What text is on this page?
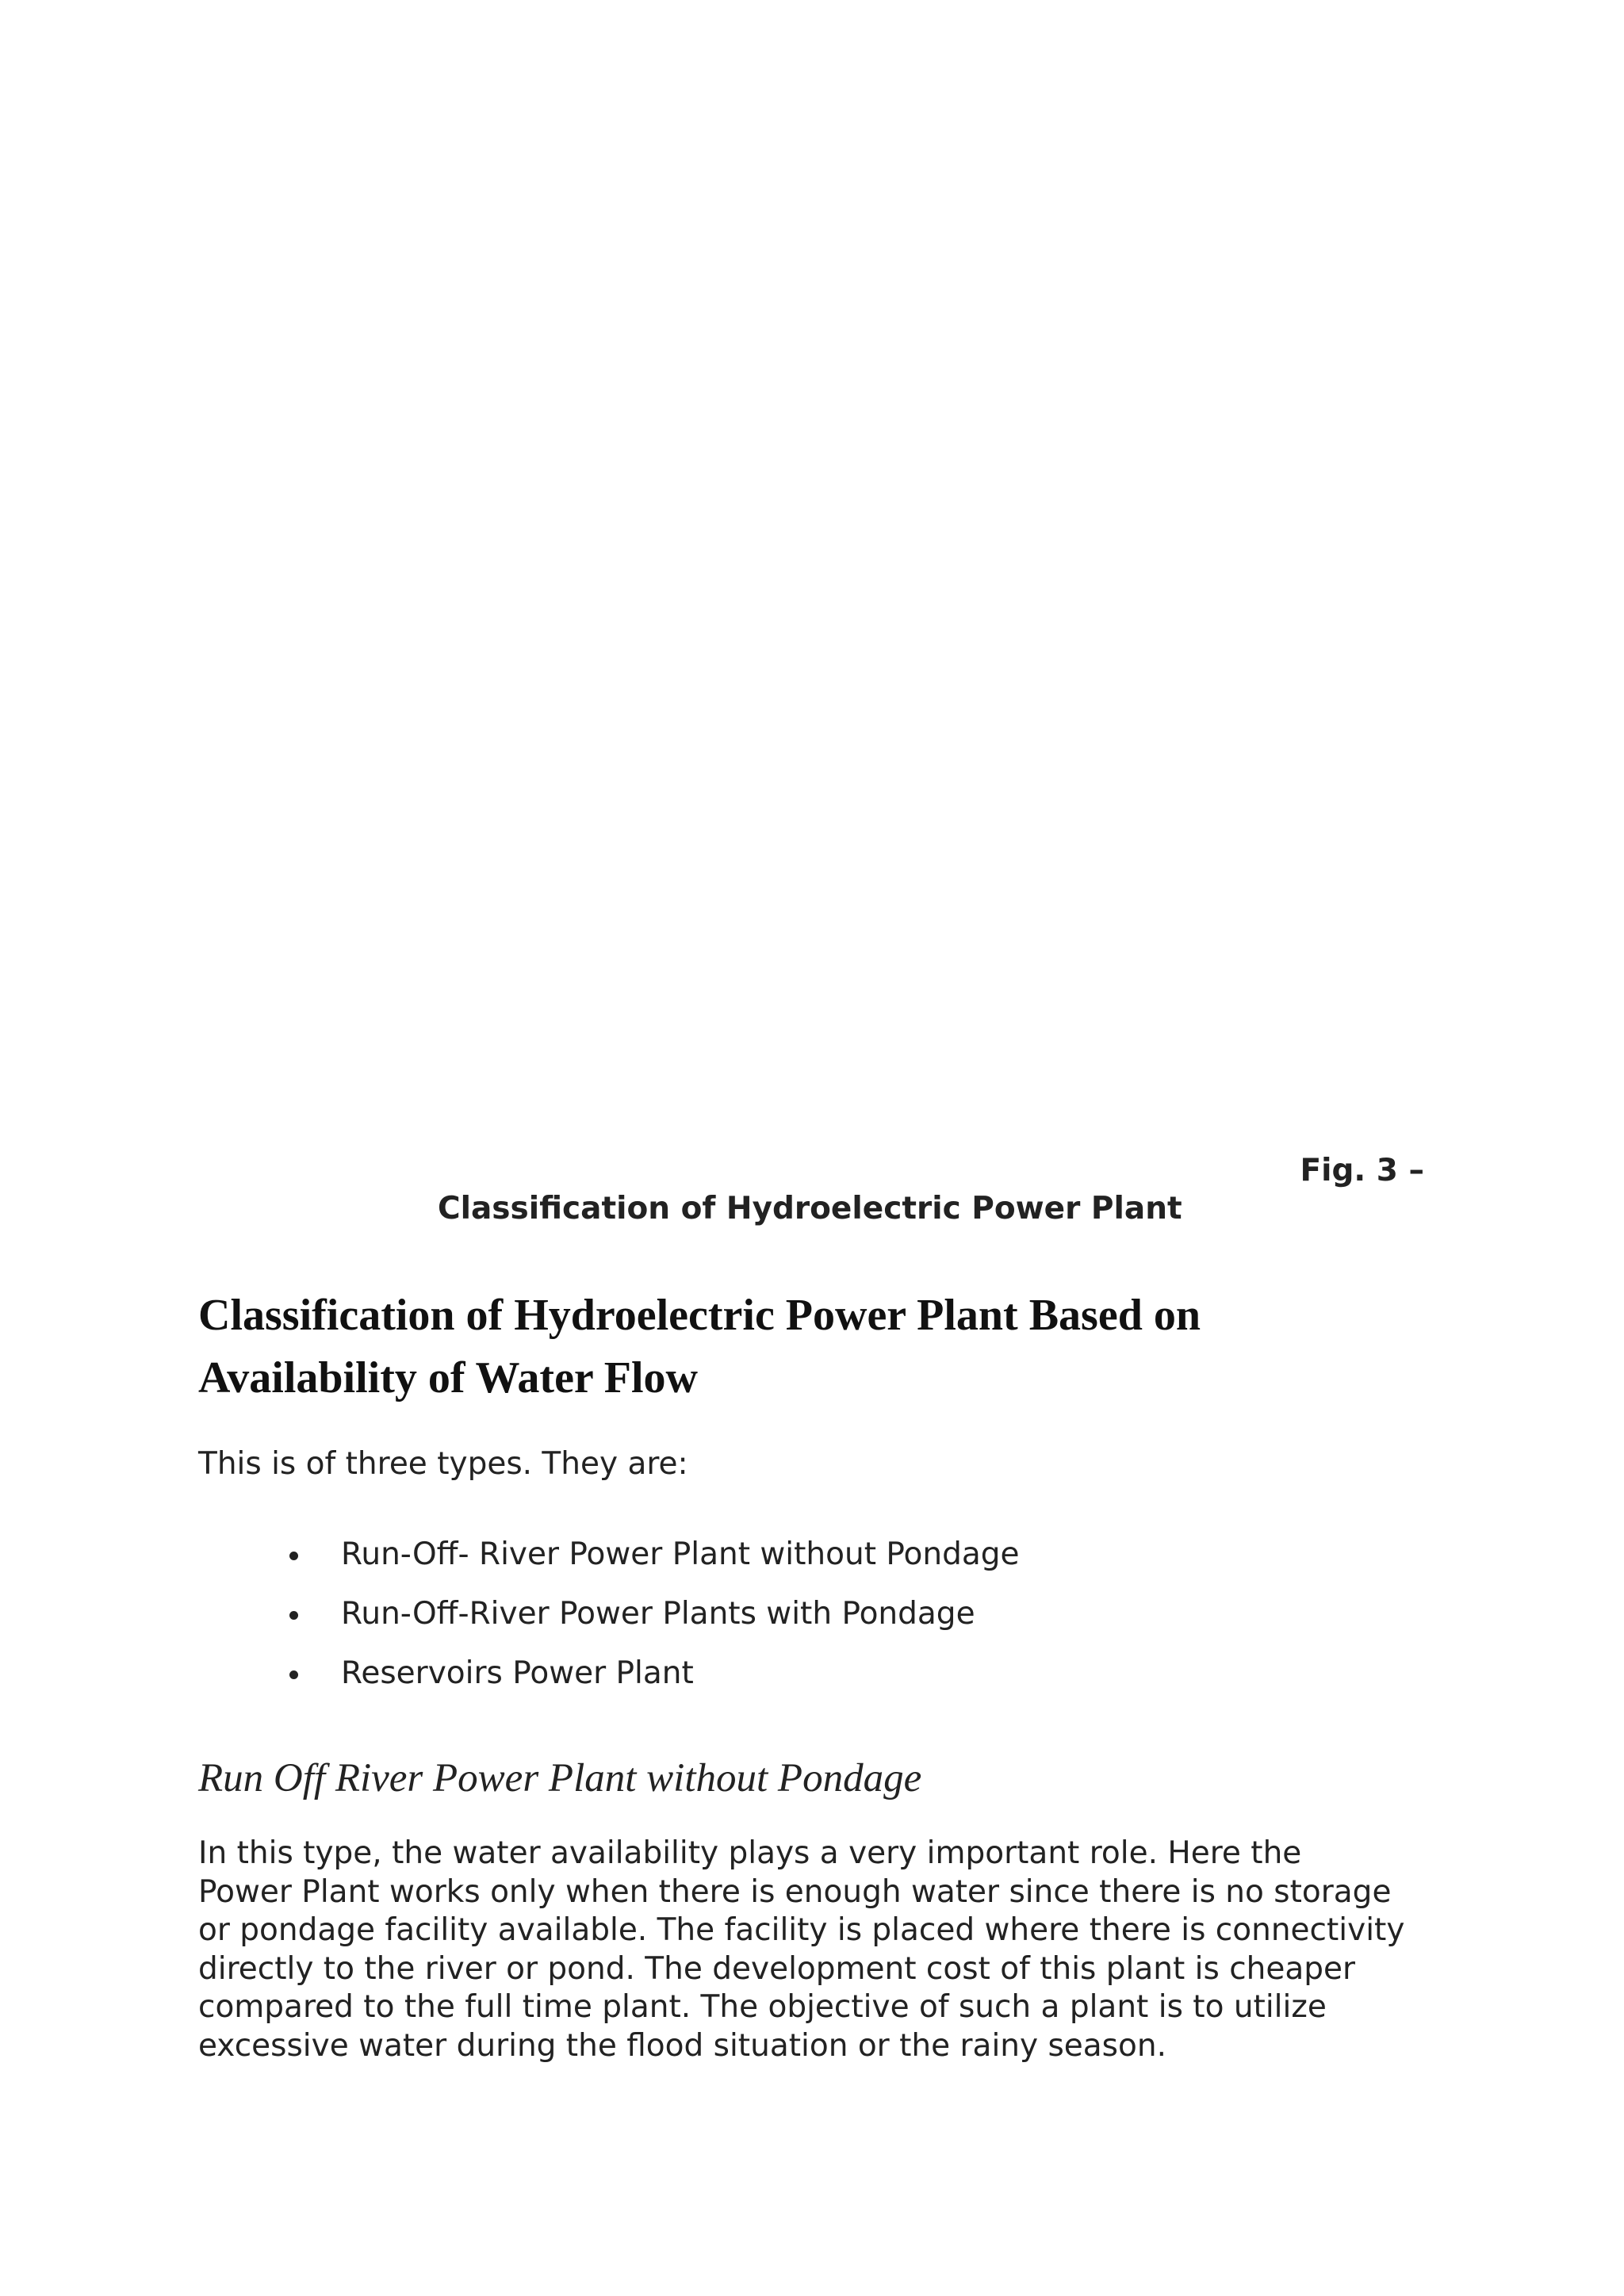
Fig. 3 –

Classification of Hydroelectric Power Plant

Classification of Hydroelectric Power Plant Based on Availability of Water Flow

This is of three types. They are:

Run-Off- River Power Plant without Pondage
Run-Off-River Power Plants with Pondage
Reservoirs Power Plant
Run Off River Power Plant without Pondage

In this type, the water availability plays a very important role. Here the
Power Plant works only when there is enough water since there is no storage
or pondage facility available. The facility is placed where there is connectivity
directly to the river or pond. The development cost of this plant is cheaper
compared to the full time plant. The objective of such a plant is to utilize
excessive water during the flood situation or the rainy season.
